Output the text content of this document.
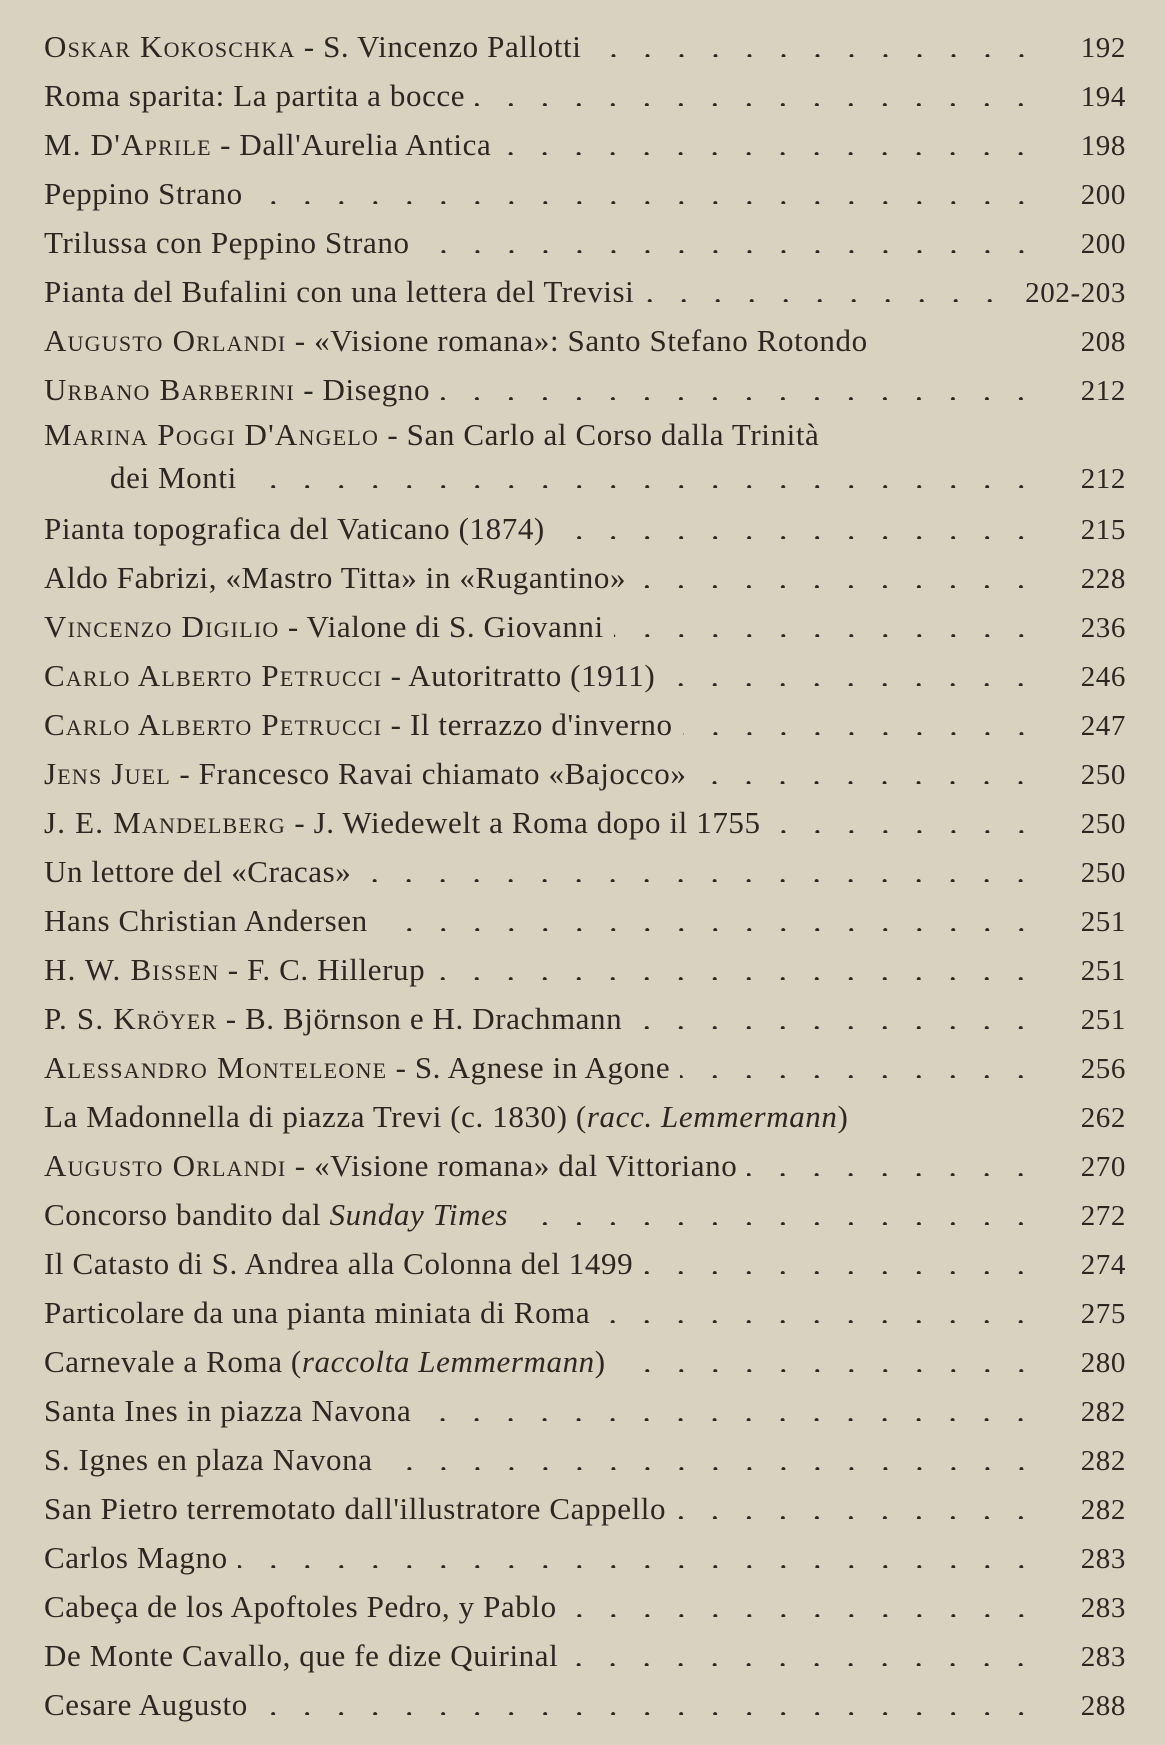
Oskar Kokoschka - S. Vincenzo Pallotti	192
Roma sparita: La partita a bocce	194
M. D'Aprile - Dall'Aurelia Antica	198
Peppino Strano	200
Trilussa con Peppino Strano	200
Pianta del Bufalini con una lettera del Trevisi	202-203
Augusto Orlandi - «Visione romana»: Santo Stefano Rotondo	208
Urbano Barberini - Disegno	212
Marina Poggi D'Angelo - San Carlo al Corso dalla Trinità
dei Monti	212
Pianta topografica del Vaticano (1874)	215
Aldo Fabrizi, «Mastro Titta» in «Rugantino»	228
Vincenzo Digilio - Vialone di S. Giovanni	236
Carlo Alberto Petrucci - Autoritratto (1911)	246
Carlo Alberto Petrucci - Il terrazzo d'inverno	247
Jens Juel - Francesco Ravai chiamato «Bajocco»	250
J. E. Mandelberg - J. Wiedewelt a Roma dopo il 1755	250
Un lettore del «Cracas»	250
Hans Christian Andersen	251
H. W. Bissen - F. C. Hillerup	251
P. S. Kröyer - B. Björnson e H. Drachmann	251
Alessandro Monteleone - S. Agnese in Agone	256
La Madonnella di piazza Trevi (c. 1830) (racc. Lemmermann)	262
Augusto Orlandi - «Visione romana» dal Vittoriano	270
Concorso bandito dal Sunday Times	272
Il Catasto di S. Andrea alla Colonna del 1499	274
Particolare da una pianta miniata di Roma	275
Carnevale a Roma (raccolta Lemmermann)	280
Santa Ines in piazza Navona	282
S. Ignes en plaza Navona	282
San Pietro terremotato dall'illustratore Cappello	282
Carlos Magno	283
Cabeça de los Apoftoles Pedro, y Pablo	283
De Monte Cavallo, que fe dize Quirinal	283
Cesare Augusto	288
